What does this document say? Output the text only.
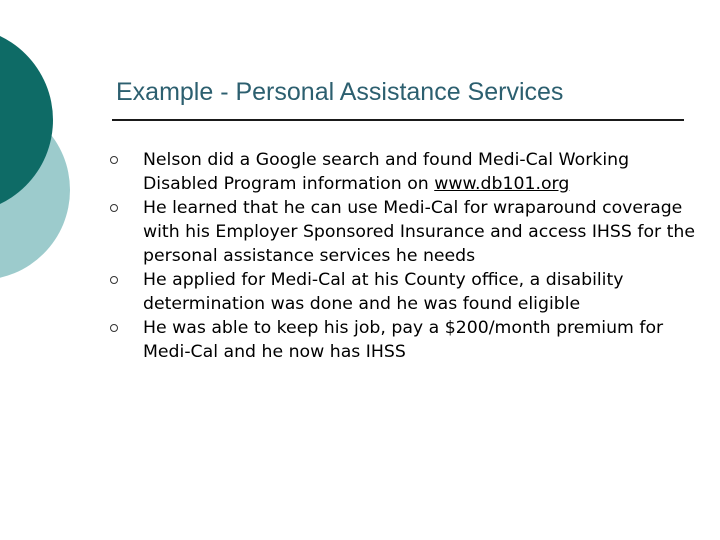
Example - Personal Assistance Services
Nelson did a Google search and found Medi-Cal Working Disabled Program information on www.db101.org
He learned that he can use Medi-Cal for wraparound coverage with his Employer Sponsored Insurance and access IHSS for the personal assistance services he needs
He applied for Medi-Cal at his County office, a disability determination was done and he was found eligible
He was able to keep his job, pay a $200/month premium for Medi-Cal and he now has IHSS
